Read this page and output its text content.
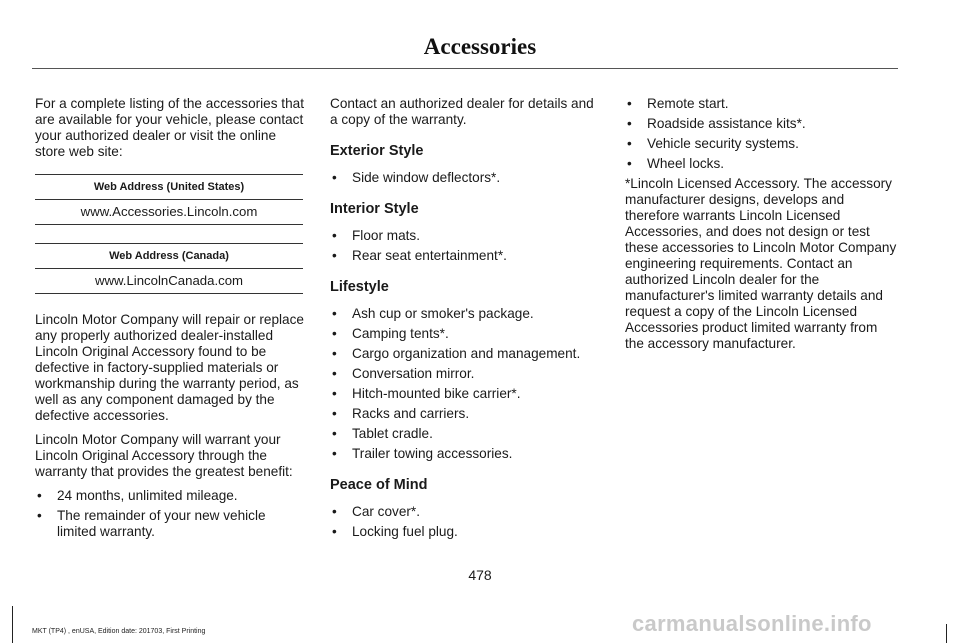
Accessories

For a complete listing of the accessories that are available for your vehicle, please contact your authorized dealer or visit the online store web site:

Web Address (United States)
www.Accessories.Lincoln.com
Web Address (Canada)
www.LincolnCanada.com

Lincoln Motor Company will repair or replace any properly authorized dealer-installed Lincoln Original Accessory found to be defective in factory-supplied materials or workmanship during the warranty period, as well as any component damaged by the defective accessories.

Lincoln Motor Company will warrant your Lincoln Original Accessory through the warranty that provides the greatest benefit:

• 24 months, unlimited mileage.
• The remainder of your new vehicle limited warranty.

Contact an authorized dealer for details and a copy of the warranty.

Exterior Style
• Side window deflectors*.
Interior Style
• Floor mats.
• Rear seat entertainment*.
Lifestyle
• Ash cup or smoker's package.
• Camping tents*.
• Cargo organization and management.
• Conversation mirror.
• Hitch-mounted bike carrier*.
• Racks and carriers.
• Tablet cradle.
• Trailer towing accessories.
Peace of Mind
• Car cover*.
• Locking fuel plug.
• Remote start.
• Roadside assistance kits*.
• Vehicle security systems.
• Wheel locks.

*Lincoln Licensed Accessory. The accessory manufacturer designs, develops and therefore warrants Lincoln Licensed Accessories, and does not design or test these accessories to Lincoln Motor Company engineering requirements. Contact an authorized Lincoln dealer for the manufacturer's limited warranty details and request a copy of the Lincoln Licensed Accessories product limited warranty from the accessory manufacturer.

478
MKT (TP4) , enUSA, Edition date: 201703, First Printing	carmanualsonline.info
